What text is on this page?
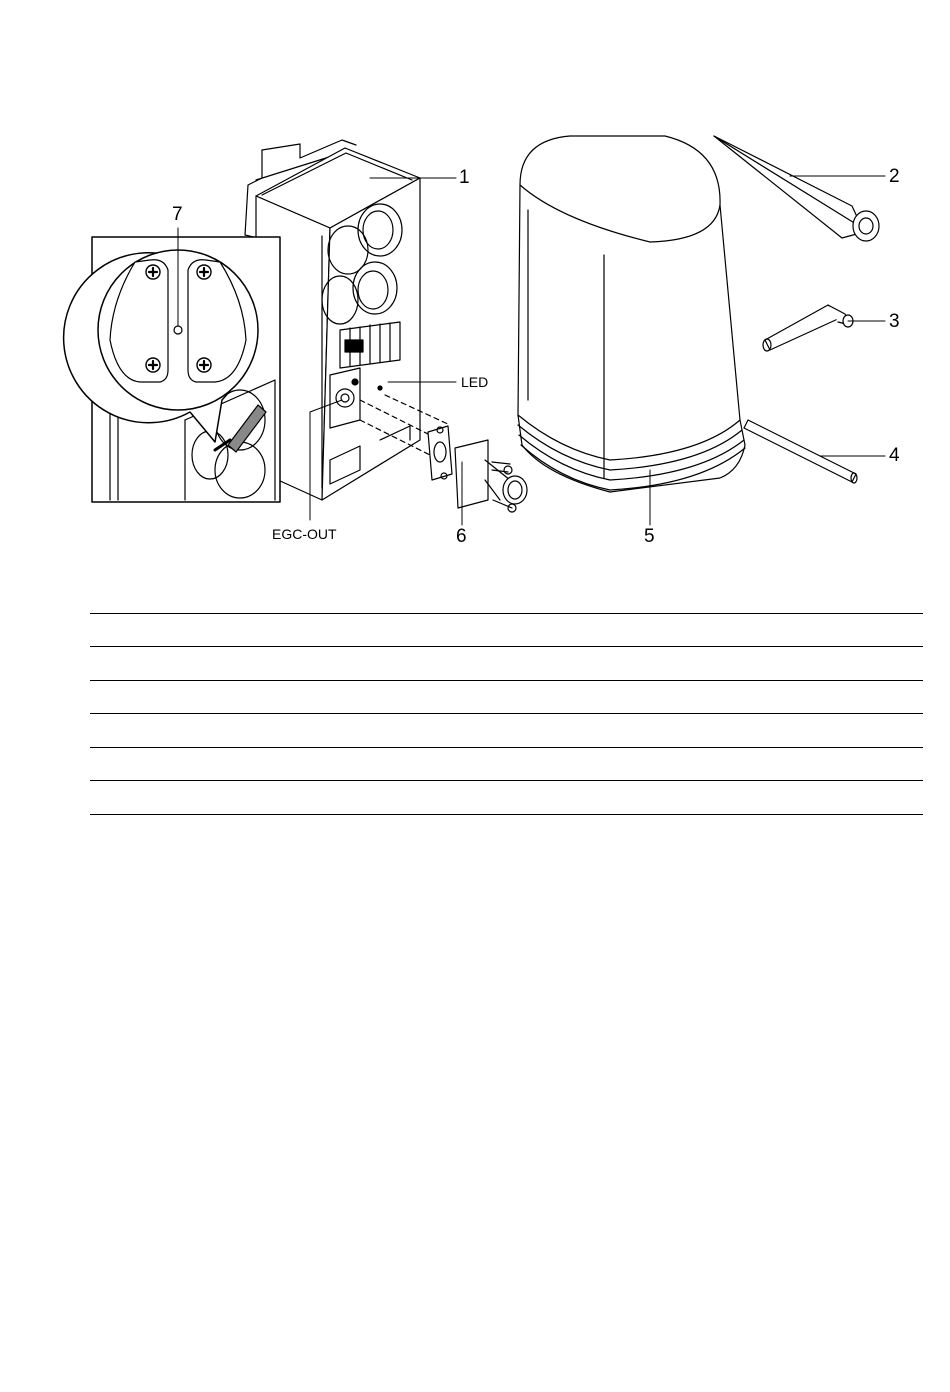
1	2
3
4
5
6
7
LED
EGC-OUT
